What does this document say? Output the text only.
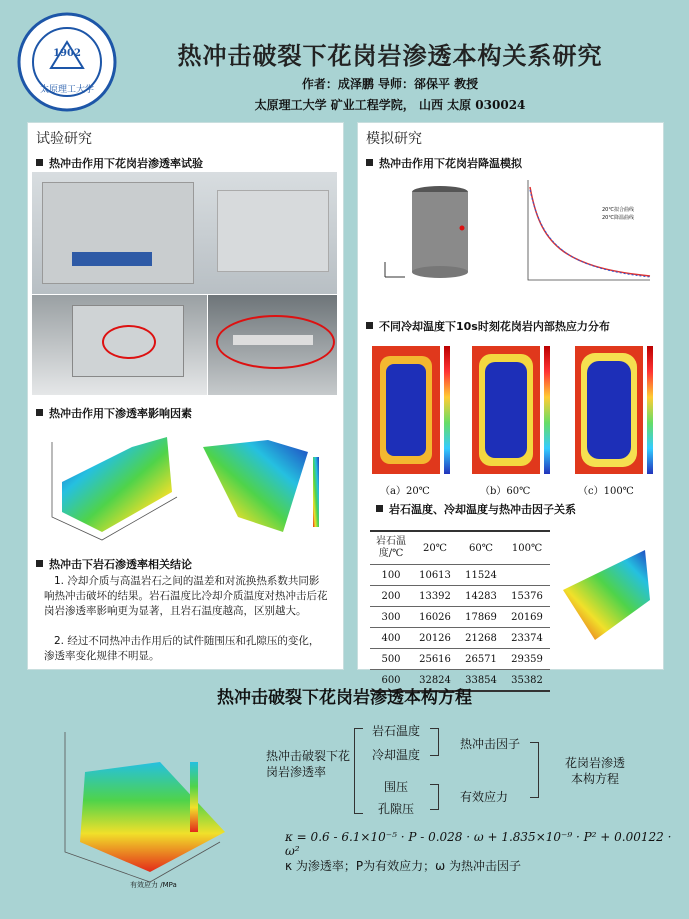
1902
太原理工大学
热冲击破裂下花岗岩渗透本构关系研究
作者：成泽鹏 导师：郤保平 教授
太原理工大学 矿业工程学院， 山西 太原 030024
试验研究
热冲击作用下花岗岩渗透率试验
热冲击作用下渗透率影响因素
热冲击下岩石渗透率相关结论
1. 冷却介质与高温岩石之间的温差和对流换热系数共同影响热冲击破坏的结果。岩石温度比冷却介质温度对热冲击后花岗岩渗透率影响更为显著，且岩石温度越高，区别越大。
2. 经过不同热冲击作用后的试件随围压和孔隙压的变化，渗透率变化规律不明显。
模拟研究
热冲击作用下花岗岩降温模拟
20℃拟合曲线
20℃降温曲线
不同冷却温度下10s时刻花岗岩内部热应力分布
（a）20℃	（b）60℃	（c）100℃
岩石温度、冷却温度与热冲击因子关系
岩石温度/℃	20℃	60℃	100℃
100	10613	11524	
200	13392	14283	15376
300	16026	17869	20169
400	20126	21268	23374
500	25616	26571	29359
600	32824	33854	35382
热冲击破裂下花岗岩渗透本构方程
有效应力 /MPa
热冲击破裂下花岗岩渗透率
岩石温度
冷却温度
热冲击因子
围压
孔隙压
有效应力
花岗岩渗透本构方程
κ = 0.6 - 6.1×10⁻⁵ · P - 0.028 · ω + 1.835×10⁻⁹ · P² + 0.00122 · ω²
κ 为渗透率；P为有效应力；ω 为热冲击因子
